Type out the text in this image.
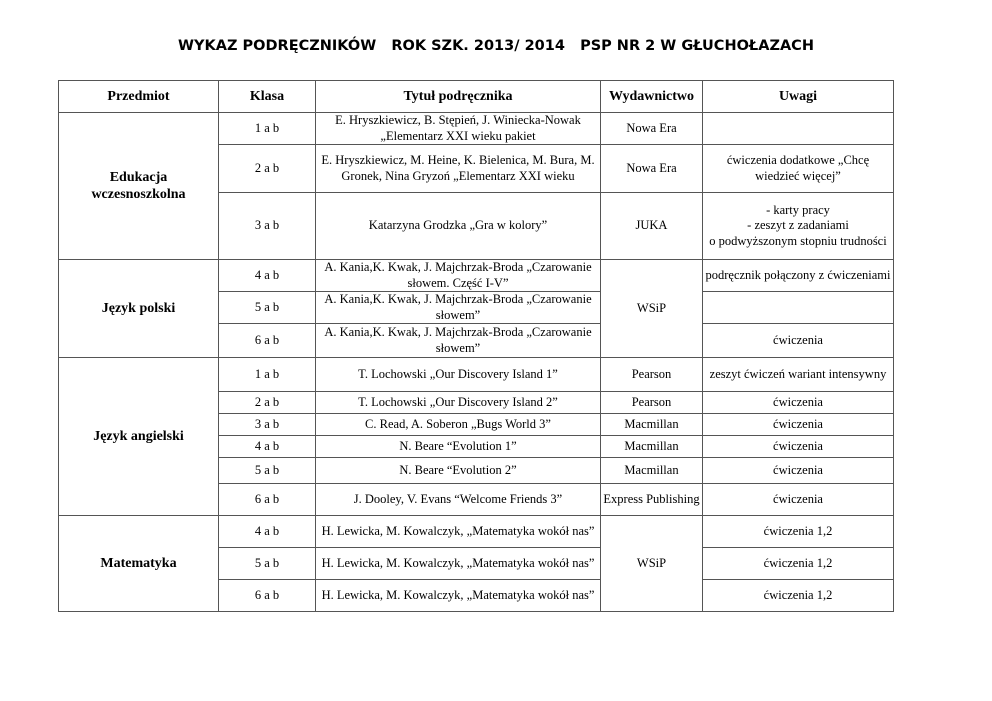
WYKAZ PODRĘCZNIKÓW   ROK SZK. 2013/ 2014   PSP NR 2 W GŁUCHOŁAZACH
Przedmiot	Klasa	Tytuł podręcznika	Wydawnictwo	Uwagi
Edukacja wczesnoszkolna	1 a b	E. Hryszkiewicz, B. Stępień, J. Winiecka-Nowak „Elementarz XXI wieku pakiet	Nowa Era	
	2 a b	E. Hryszkiewicz, M. Heine, K. Bielenica, M. Bura, M. Gronek, Nina Gryzoń „Elementarz XXI wieku	Nowa Era	ćwiczenia dodatkowe „Chcę wiedzieć więcej”
	3 a b	Katarzyna Grodzka „Gra w kolory”	JUKA	- karty pracy
- zeszyt z zadaniami
o podwyższonym stopniu trudności
Język polski	4 a b	A. Kania,K. Kwak, J. Majchrzak-Broda „Czarowanie słowem. Część I-V”	WSiP	podręcznik połączony z ćwiczeniami
	5 a b	A. Kania,K. Kwak, J. Majchrzak-Broda „Czarowanie słowem”		
	6 a b	A. Kania,K. Kwak, J. Majchrzak-Broda „Czarowanie słowem”		ćwiczenia
Język angielski	1 a b	T. Lochowski „Our Discovery Island 1”	Pearson	zeszyt ćwiczeń wariant intensywny
	2 a b	T. Lochowski „Our Discovery Island 2”	Pearson	ćwiczenia
	3 a b	C. Read, A. Soberon „Bugs World 3”	Macmillan	ćwiczenia
	4 a b	N. Beare “Evolution 1”	Macmillan	ćwiczenia
	5 a b	N. Beare “Evolution 2”	Macmillan	ćwiczenia
	6 a b	J. Dooley, V. Evans “Welcome Friends 3”	Express Publishing	ćwiczenia
Matematyka	4 a b	H. Lewicka, M. Kowalczyk, „Matematyka wokół nas”	WSiP	ćwiczenia 1,2
	5 a b	H. Lewicka, M. Kowalczyk, „Matematyka wokół nas”		ćwiczenia 1,2
	6 a b	H. Lewicka, M. Kowalczyk, „Matematyka wokół nas”		ćwiczenia 1,2
